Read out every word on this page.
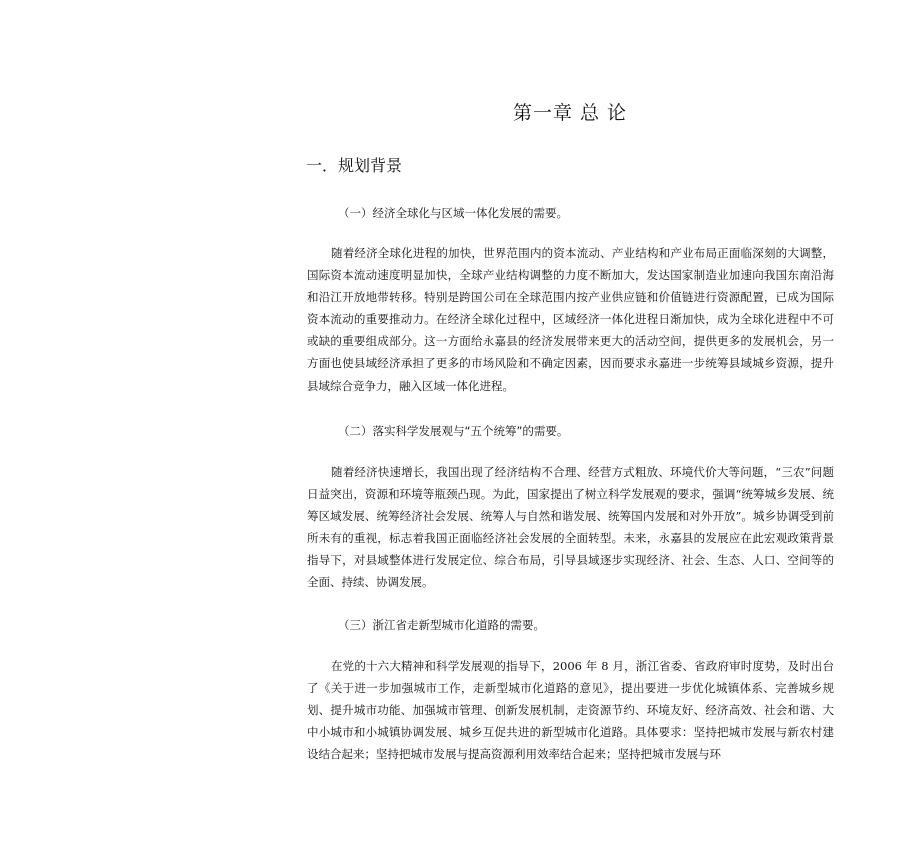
第一章 总 论
一．规划背景
（一）经济全球化与区域一体化发展的需要。

随着经济全球化进程的加快，世界范围内的资本流动、产业结构和产业布局正面临深刻的大调整，国际资本流动速度明显加快，全球产业结构调整的力度不断加大，发达国家制造业加速向我国东南沿海和沿江开放地带转移。特别是跨国公司在全球范围内按产业供应链和价值链进行资源配置，已成为国际资本流动的重要推动力。在经济全球化过程中，区域经济一体化进程日渐加快，成为全球化进程中不可或缺的重要组成部分。这一方面给永嘉县的经济发展带来更大的活动空间，提供更多的发展机会，另一方面也使县域经济承担了更多的市场风险和不确定因素，因而要求永嘉进一步统筹县域城乡资源，提升县域综合竞争力，融入区域一体化进程。

（二）落实科学发展观与“五个统筹”的需要。

随着经济快速增长，我国出现了经济结构不合理、经营方式粗放、环境代价大等问题，“三农”问题日益突出，资源和环境等瓶颈凸现。为此，国家提出了树立科学发展观的要求，强调“统筹城乡发展、统筹区域发展、统筹经济社会发展、统筹人与自然和谐发展、统筹国内发展和对外开放”。城乡协调受到前所未有的重视，标志着我国正面临经济社会发展的全面转型。未来，永嘉县的发展应在此宏观政策背景指导下，对县域整体进行发展定位、综合布局，引导县域逐步实现经济、社会、生态、人口、空间等的全面、持续、协调发展。

（三）浙江省走新型城市化道路的需要。

在党的十六大精神和科学发展观的指导下，2006 年 8 月，浙江省委、省政府审时度势，及时出台了《关于进一步加强城市工作，走新型城市化道路的意见》，提出要进一步优化城镇体系、完善城乡规划、提升城市功能、加强城市管理、创新发展机制，走资源节约、环境友好、经济高效、社会和谐、大中小城市和小城镇协调发展、城乡互促共进的新型城市化道路。具体要求：坚持把城市发展与新农村建设结合起来；坚持把城市发展与提高资源利用效率结合起来；坚持把城市发展与环
